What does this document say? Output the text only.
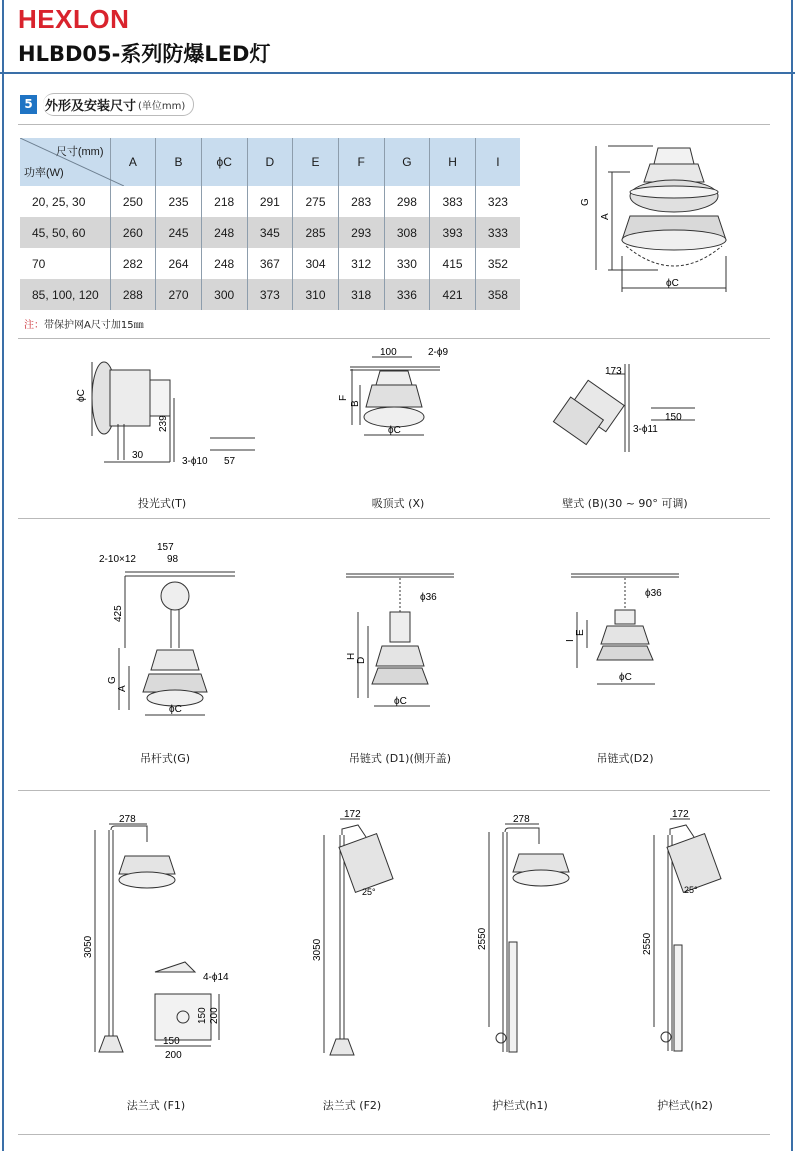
HEXLON
HLBD05-系列防爆LED灯
5 外形及安装尺寸 (单位mm)
尺寸(mm)
功率(W)	A	B	ϕC	D	E	F	G	H	I
20, 25, 30	250	235	218	291	275	283	298	383	323
45, 50, 60	260	245	248	345	285	293	308	393	333
70	282	264	248	367	304	312	330	415	352
85, 100, 120	288	270	300	373	310	318	336	421	358
注：带保护网A尺寸加15㎜
G
A
ϕC
ϕC
239
30
3-ϕ10 57
投光式(T)
100	2-ϕ9
F
B
ϕC
吸顶式 (X)
173
150
3-ϕ11
壁式 (B)(30 ~ 90° 可调)
157
98
2-10×12
425
G
A
ϕC
吊杆式(G)
ϕ36
H
D
ϕC
吊链式 (D1)(侧开盖)
ϕ36
I
E
ϕC
吊链式(D2)
278
3050
4-ϕ14
150 200
150
200
法兰式 (F1)
172
3050
25°
法兰式 (F2)
278
2550
护栏式(h1)
172
2550
25°
护栏式(h2)
